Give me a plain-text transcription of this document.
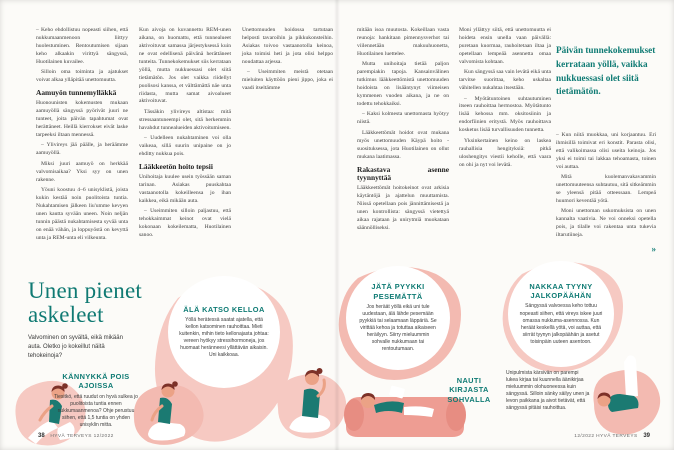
– Keho ehdollistuu nopeasti siihen, että nukkumaanmenoon liittyy huolestuminen. Rentoutumisen sijaan keho alkaakin virittyä sängyssä, Huotilainen kuvailee.

Silloin oma toiminta ja ajatukset voivat alkaa ylläpitää unettomuutta.

Aamuyön tunnemylläkkä

Huonounisten kokemusten mukaan aamuyöllä sängyssä pyörivät juuri ne tunteet, joita päivän tapahtumat ovat herättäneet. Heillä kierrokset eivät laske tarpeeksi iltaan mennessä.

– Ylivireys jää päälle, ja heräämme aamuyöllä.

Miksi juuri aamuyö on herkkää valvomisaikaa? Yksi syy on unen rakenne.

Yöuni koostuu 4–6 unisyklistä, joista kukin kestää noin puolitoista tuntia. Nukahtamisen jälkeen liu'umme kevyen unen kautta syvään uneen. Noin neljän tunnin päästä nukahtamisesta syvää unta on enää vähän, ja loppuyöstä on kevyttä unta ja REM-unta eli vilkeunta.

Kun aivoja on kuvannettu REM-unen aikana, on huomattu, että tunnealueet aktivoituvat samassa järjestyksessä kuin ne ovat edellisenä päivänä herättäneet tunteita. Tunnekokemukset siis kerrataan yöllä, mutta nukkuessasi olet siitä tietämätön. Jos olet vaikka riidellyt puolisosi kanssa, et välttämättä näe unta riidasta, mutta samat aivoalueet aktivoituvat.

Tässäkin ylivireys altistaa: mitä stressaantuneempi olet, sitä herkemmin havahdut tunnealueiden aktivoitumiseen.

– Uudelleen nukahtaminen voi olla vaikeaa, sillä suurin unipaine on jo ehditty nukkua pois.

Lääkkeetön hoito tepsii

Unihoitaja kuulee usein työssään saman tarinan. Asiakas puuskahtaa vastaanotolla kokeilleensa jo ihan kaikkea, eikä mikään auta.

– Useimmiten silloin paljastuu, että tehokkaimmat keinot ovat vielä kokonaan kokeilematta, Huotilainen sanoo.

Unettomuuden hoidossa tartutaan helposti tavaroihin ja pikkukonsteihin. Asiakas toivoo vastaanotolla keinoa, joka toimisi heti ja jota olisi helppo noudattaa arjessa.

– Useimmiten meistä otetaan mieluiten käyttöön pieni jippo, joka ei vaadi itseltämme

mitään isoa muutosta. Kokeillaan vasta reunoja: hankitaan pimennysverhot tai viilennetään makuuhuonetta, Huotilainen luettelee.

Mutta unihoitaja tietää paljon parempiakin tapoja. Kansainvälinen tutkimus lääkkeettömistä unettomuuden hoidoista on lisääntynyt viimeisen kymmenen vuoden aikana, ja ne on todettu tehokkaiksi.

– Kaksi kolmesta unettomasta hyötyy niistä.

Lääkkeettömät hoidot ovat mukana myös unettomuuden Käypä hoito -suosituksessa, jota Huotilainen on ollut mukana laatimassa.

Rakastava asenne tyynnyttää

Lääkkeettömät hoitokeinot ovat arkisia käytäntöjä ja ajattelun muuttamista. Niissä opetellaan pois jännittämisestä ja unen kontrollista: sängyssä vietettyä aikaa rajataan ja unirytmiä muokataan säännölliseksi.

Moni yllättyy siitä, että unettomuutta ei hoideta ensin unella vaan päivällä: puretaan kuormaa, rauhoitetaan iltaa ja opetellaan lempeää asennetta omaa valvomista kohtaan.

Kun sängyssä saa vain levätä eikä unta tarvitse suorittaa, keho uskaltaa vähitellen nukahtaa itsestään.

– Myötätuntoinen suhtautuminen itseen rauhoittaa hermostoa. Myötätunto lisää kehossa mm. oksitosiinin ja endorfiinien eritystä. Myös rauhoittava kosketus lisää turvallisuuden tunnetta.

Yksinkertainen keino on laskea rauhallisia hengityksiä: pitkä uloshengitys viestii keholle, että vaara on ohi ja nyt voi levätä.

Päivän tunnekokemukset kerrataan yöllä, vaikka nukkuessasi olet siitä tietämätön.

– Kun niitä muokkaa, uni korjaantuu. Eri ihmisillä toimivat eri konstit. Parasta olisi, että valikoimassa olisi useita keinoja. Jos yksi ei toimi tai lakkaa tehoamasta, toinen voi auttaa.

Mitä kuolemanvakavammin unettomuuteensa suhtautuu, sitä sitkeämmin se yleensä pitää otteessaan. Lempeä huumori keventää yötä.

Moni unettoman uskomuksista on unen kannalta vaativia. Ne voi onneksi opetella pois, ja tilalle voi rakentaa unta tukevia iltarutiineja.

»
Unen pienet askeleet
Valvominen on syvältä, eikä mikään auta. Oletko jo kokeillut näitä tehokeinoja?
KÄNNYKKÄ POIS AJOISSA
Tiesitkö, että ruudut on hyvä sulkea jo puolitoista tuntia ennen nukkumaanmenoa? Ohje perustuu siihen, että 1,5 tuntia on yhden unisyklin mitta.
ÄLÄ KATSO KELLOA
Yöllä herätessä saatat ajatella, että kellon katsominen rauhoittaa. Mieti kuitenkin, mihin tieto kellonajasta johtaa: vereen hyökyy stressihormoneja, jos huomaat heränneesi yllättävän aikaisin. Uni kaikkoaa.
JÄTÄ PYYKKI PESEMÄTTÄ
Jos heräät yöllä eikä uni tule uudestaan, älä lähde pesemään pyykkiä tai selaamaan läppäriä. Se virittää kehoa ja totuttaa aikaiseen heräilyyn. Siirry mieluummin sohvalle nukkumaan tai rentoutumaan.
NAUTI KIRJASTA SOHVALLA
Unipulmista kärsivän on parempi lukea kirjaa tai kuunnella äänikirjaa mieluummin olohuoneessa kuin sängyssä. Silloin sänky säilyy unen ja levon paikkana ja aivot tietävät, että sängyssä pitäisi rauhoittua.
NAKKAA TYYNY JALKOPÄÄHÄN
Sängyssä valvoessa keho tottuu nopeasti siihen, että vireys iskee juuri omassa nukkuma-asennossa. Kun heräät keskellä yötä, voi auttaa, että siirrät tyynyn jalkopäähän ja asetut toisinpäin uuteen asentoon.
38 HYVÄ TERVEYS 12/2022	12/2022 HYVÄ TERVEYS 39
